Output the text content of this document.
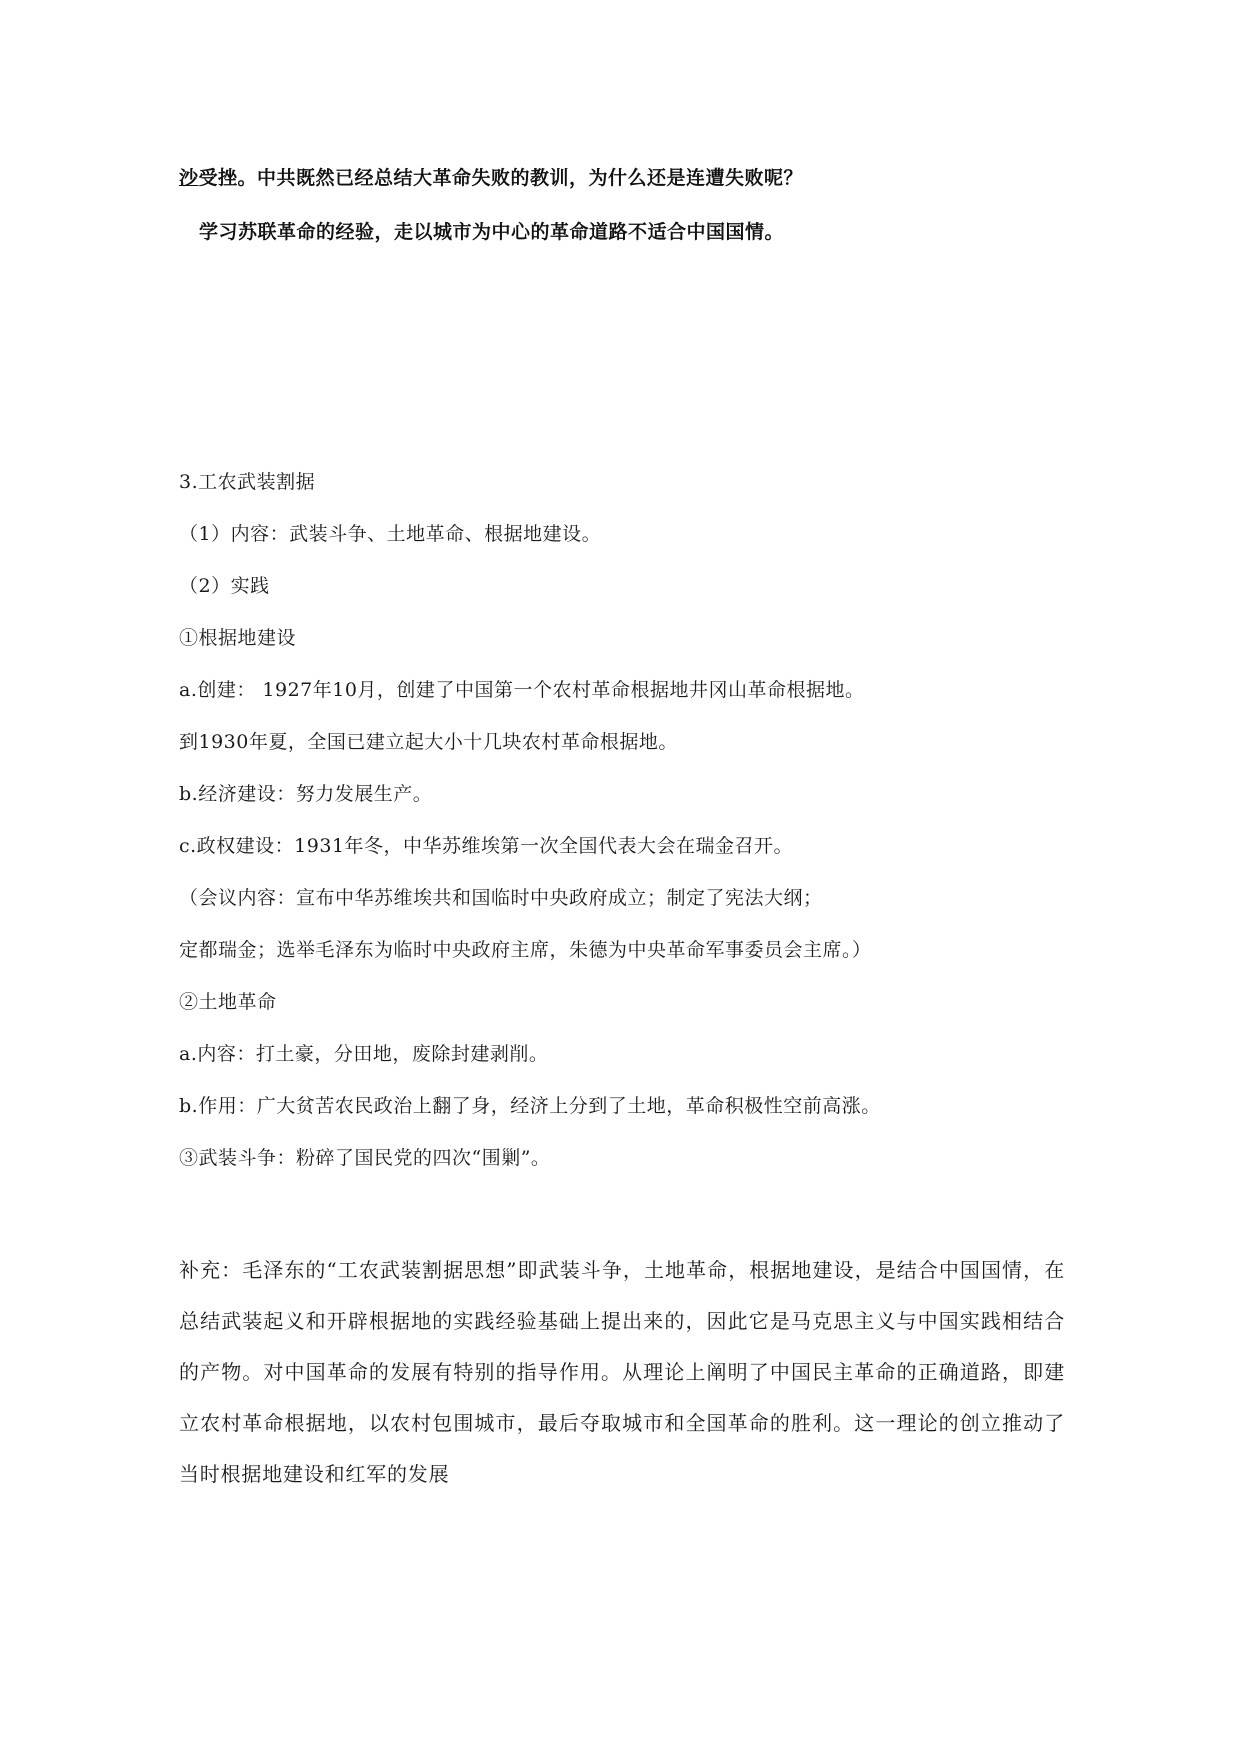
沙受挫。中共既然已经总结大革命失败的教训，为什么还是连遭失败呢？
学习苏联革命的经验，走以城市为中心的革命道路不适合中国国情。
3.工农武装割据
（1）内容：武装斗争、土地革命、根据地建设。
（2）实践
①根据地建设
a.创建： 1927年10月，创建了中国第一个农村革命根据地井冈山革命根据地。
到1930年夏，全国已建立起大小十几块农村革命根据地。
b.经济建设：努力发展生产。
c.政权建设：1931年冬，中华苏维埃第一次全国代表大会在瑞金召开。
（会议内容：宣布中华苏维埃共和国临时中央政府成立；制定了宪法大纲；
定都瑞金；选举毛泽东为临时中央政府主席，朱德为中央革命军事委员会主席。）
②土地革命
a.内容：打土豪，分田地，废除封建剥削。
b.作用：广大贫苦农民政治上翻了身，经济上分到了土地，革命积极性空前高涨。
③武装斗争：粉碎了国民党的四次“围剿”。
补充：毛泽东的“工农武装割据思想”即武装斗争，土地革命，根据地建设，是结合中国国情，在总结武装起义和开辟根据地的实践经验基础上提出来的，因此它是马克思主义与中国实践相结合的产物。对中国革命的发展有特别的指导作用。从理论上阐明了中国民主革命的正确道路，即建立农村革命根据地，以农村包围城市，最后夺取城市和全国革命的胜利。这一理论的创立推动了当时根据地建设和红军的发展
